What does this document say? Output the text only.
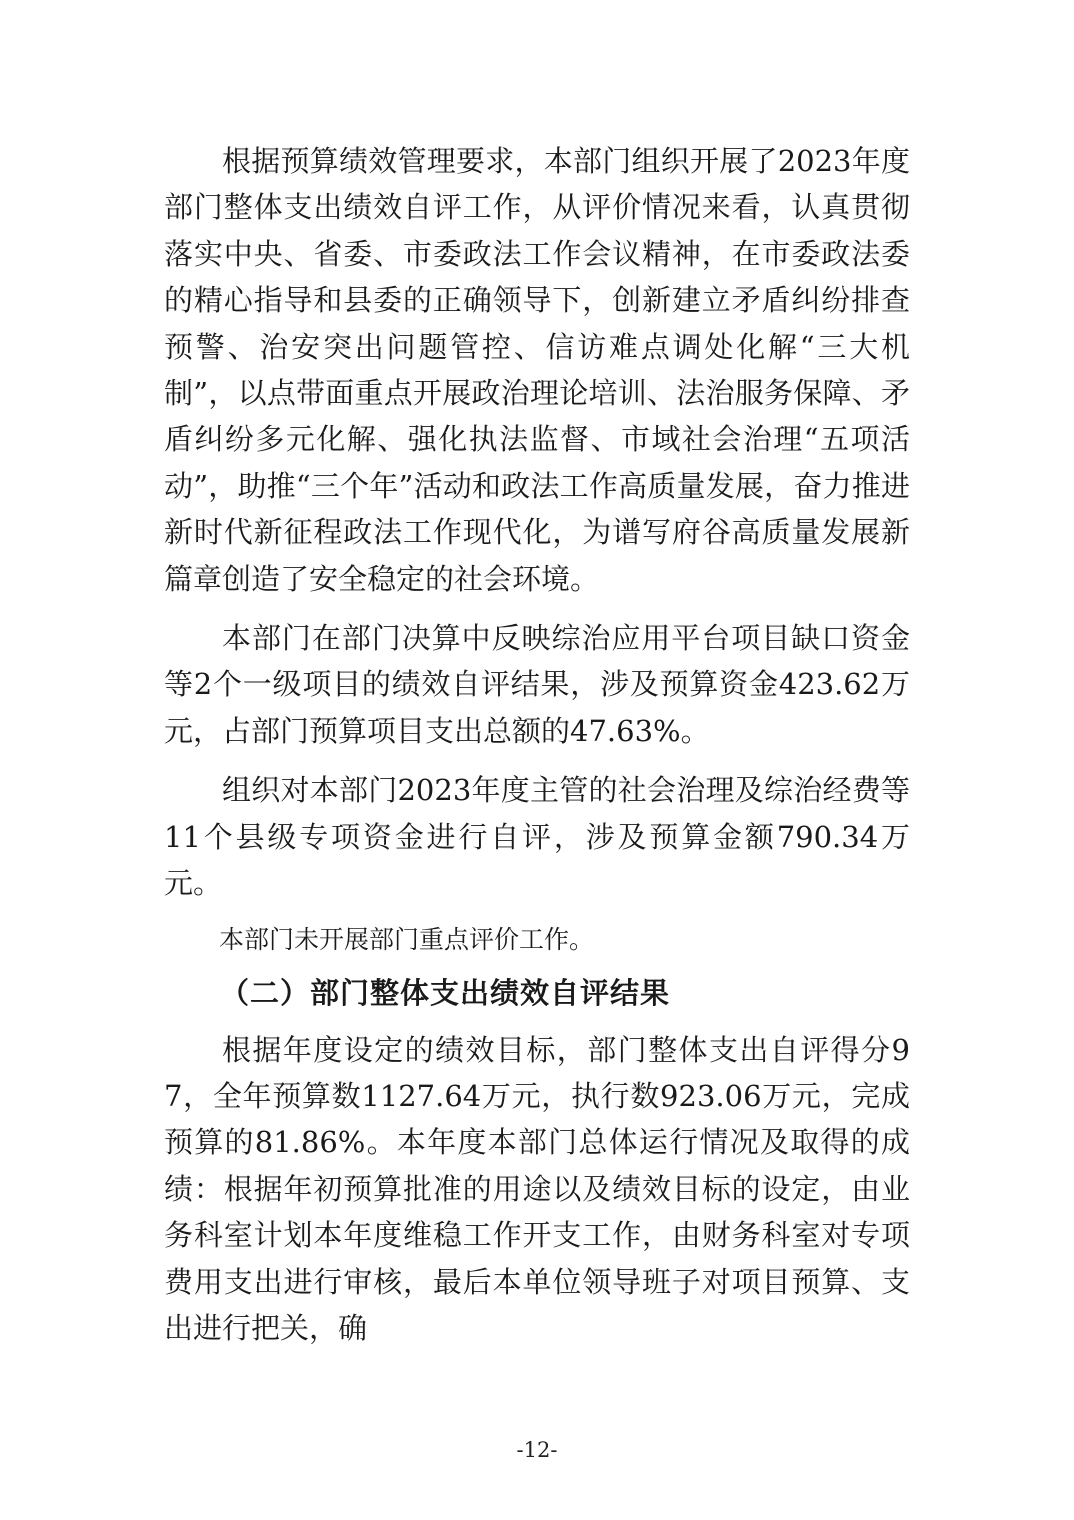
根据预算绩效管理要求，本部门组织开展了2023年度部门整体支出绩效自评工作，从评价情况来看，认真贯彻落实中央、省委、市委政法工作会议精神，在市委政法委的精心指导和县委的正确领导下，创新建立矛盾纠纷排查预警、治安突出问题管控、信访难点调处化解“三大机制”，以点带面重点开展政治理论培训、法治服务保障、矛盾纠纷多元化解、强化执法监督、市域社会治理“五项活动”，助推“三个年”活动和政法工作高质量发展，奋力推进新时代新征程政法工作现代化，为谱写府谷高质量发展新篇章创造了安全稳定的社会环境。

本部门在部门决算中反映综治应用平台项目缺口资金等2个一级项目的绩效自评结果，涉及预算资金423.62万元，占部门预算项目支出总额的47.63%。

组织对本部门2023年度主管的社会治理及综治经费等11个县级专项资金进行自评，涉及预算金额790.34万元。

本部门未开展部门重点评价工作。

（二）部门整体支出绩效自评结果

根据年度设定的绩效目标，部门整体支出自评得分97，全年预算数1127.64万元，执行数923.06万元，完成预算的81.86%。本年度本部门总体运行情况及取得的成绩：根据年初预算批准的用途以及绩效目标的设定，由业务科室计划本年度维稳工作开支工作，由财务科室对专项费用支出进行审核，最后本单位领导班子对项目预算、支出进行把关，确

-12-
